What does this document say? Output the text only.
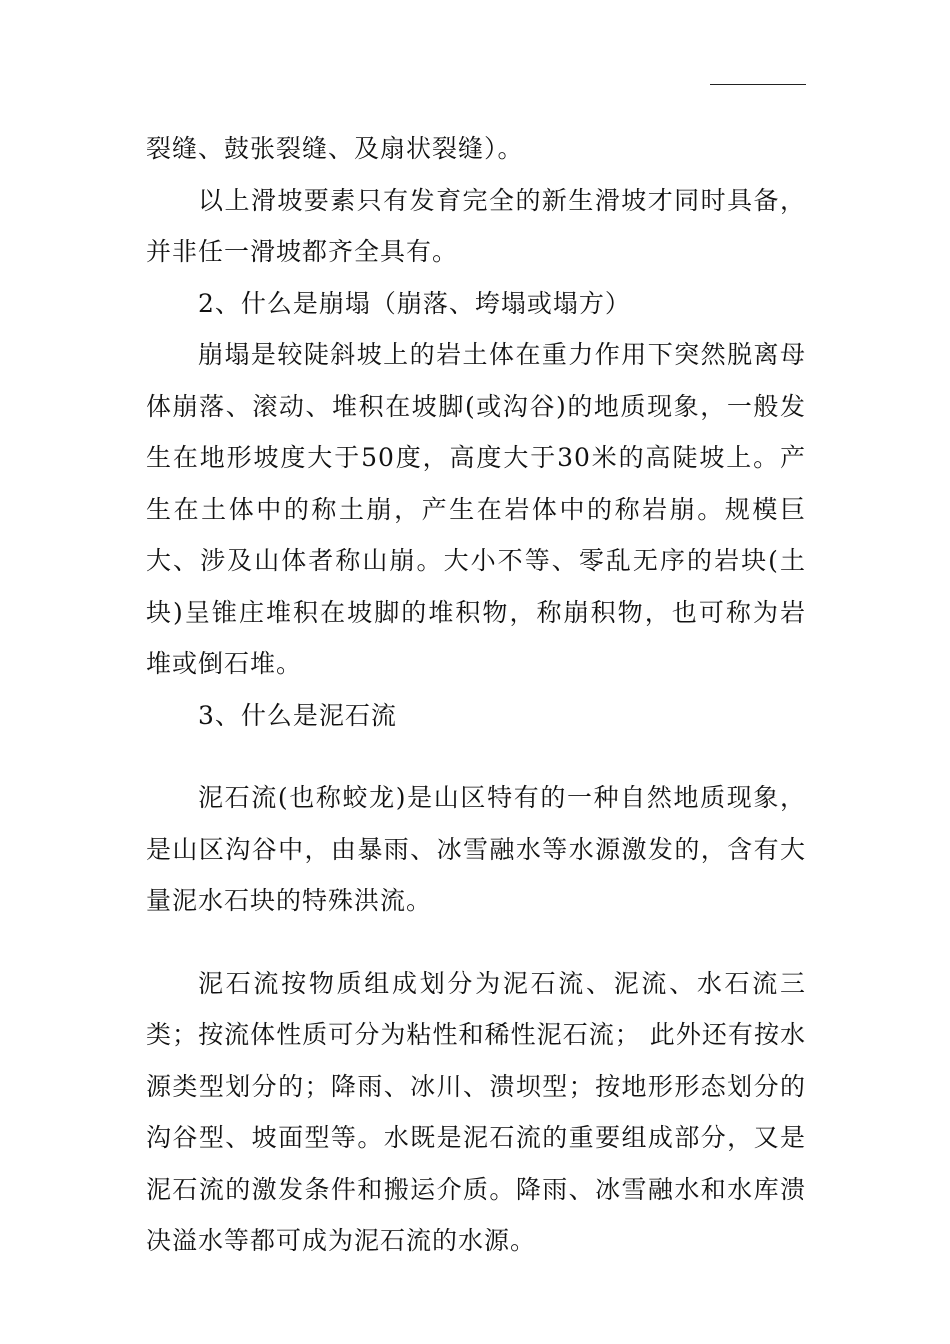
裂缝、鼓张裂缝、及扇状裂缝）。

以上滑坡要素只有发育完全的新生滑坡才同时具备，并非任一滑坡都齐全具有。

2、什么是崩塌（崩落、垮塌或塌方）

崩塌是较陡斜坡上的岩土体在重力作用下突然脱离母体崩落、滚动、堆积在坡脚(或沟谷)的地质现象，一般发生在地形坡度大于50度，高度大于30米的高陡坡上。产生在土体中的称土崩，产生在岩体中的称岩崩。规模巨大、涉及山体者称山崩。大小不等、零乱无序的岩块(土块)呈锥庄堆积在坡脚的堆积物，称崩积物，也可称为岩堆或倒石堆。

3、什么是泥石流

泥石流(也称蛟龙)是山区特有的一种自然地质现象，是山区沟谷中，由暴雨、冰雪融水等水源激发的，含有大量泥水石块的特殊洪流。

泥石流按物质组成划分为泥石流、泥流、水石流三类；按流体性质可分为粘性和稀性泥石流； 此外还有按水源类型划分的；降雨、冰川、溃坝型；按地形形态划分的沟谷型、坡面型等。水既是泥石流的重要组成部分，又是泥石流的激发条件和搬运介质。降雨、冰雪融水和水库溃决溢水等都可成为泥石流的水源。
